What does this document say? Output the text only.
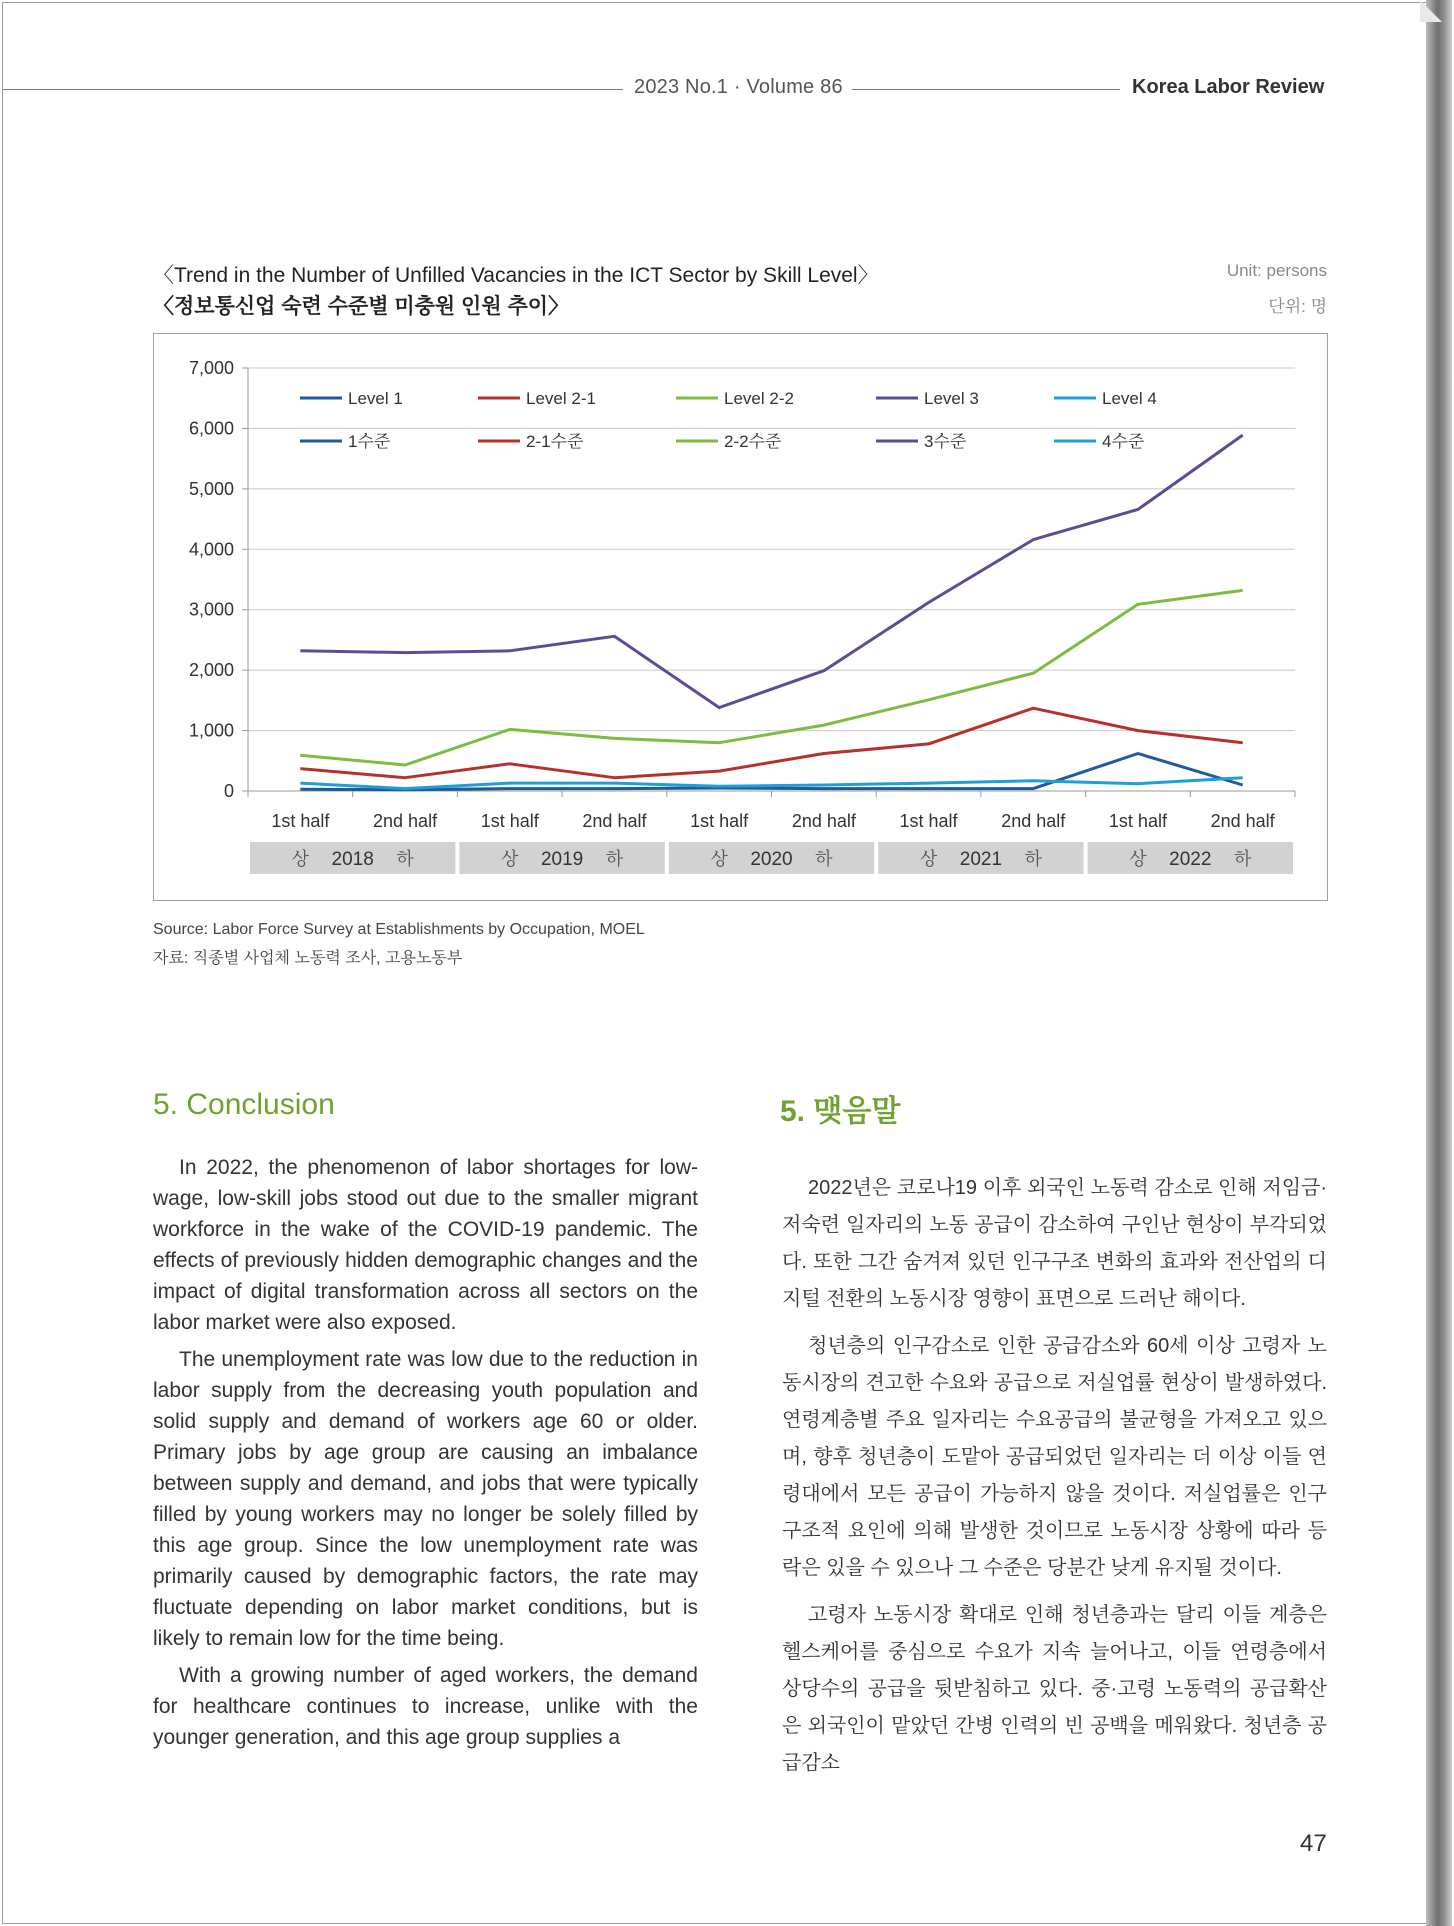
2023 No.1 · Volume 86	Korea Labor Review
〈Trend in the Number of Unfilled Vacancies in the ICT Sector by Skill Level〉
〈정보통신업 숙련 수준별 미충원 인원 추이〉
Unit: persons
단위: 명
0
1,000
2,000
3,000
4,000
5,000
6,000
7,000
1st half 2nd half 1st half 2nd half 1st half 2nd half 1st half 2nd half 1st half 2nd half
상 2018 하	상 2019 하	상 2020 하	상 2021 하	상 2022 하
Level 1
1수준
Level 2-1
2-1수준
Level 2-2
2-2수준
Level 3
3수준
Level 4
4수준
Source: Labor Force Survey at Establishments by Occupation, MOEL
자료: 직종별 사업체 노동력 조사, 고용노동부
5. Conclusion	5. 맺음말

In 2022, the phenomenon of labor shortages for low-wage, low-skill jobs stood out due to the smaller migrant workforce in the wake of the COVID-19 pandemic. The effects of previously hidden demographic changes and the impact of digital transformation across all sectors on the labor market were also exposed.

The unemployment rate was low due to the reduction in labor supply from the decreasing youth population and solid supply and demand of workers age 60 or older. Primary jobs by age group are causing an imbalance between supply and demand, and jobs that were typically filled by young workers may no longer be solely filled by this age group. Since the low unemployment rate was primarily caused by demographic factors, the rate may fluctuate depending on labor market conditions, but is likely to remain low for the time being.

With a growing number of aged workers, the demand for healthcare continues to increase, unlike with the younger generation, and this age group supplies a

2022년은 코로나19 이후 외국인 노동력 감소로 인해 저임금·저숙련 일자리의 노동 공급이 감소하여 구인난 현상이 부각되었다. 또한 그간 숨겨져 있던 인구구조 변화의 효과와 전산업의 디지털 전환의 노동시장 영향이 표면으로 드러난 해이다.

청년층의 인구감소로 인한 공급감소와 60세 이상 고령자 노동시장의 견고한 수요와 공급으로 저실업률 현상이 발생하였다. 연령계층별 주요 일자리는 수요공급의 불균형을 가져오고 있으며, 향후 청년층이 도맡아 공급되었던 일자리는 더 이상 이들 연령대에서 모든 공급이 가능하지 않을 것이다. 저실업률은 인구 구조적 요인에 의해 발생한 것이므로 노동시장 상황에 따라 등락은 있을 수 있으나 그 수준은 당분간 낮게 유지될 것이다.

고령자 노동시장 확대로 인해 청년층과는 달리 이들 계층은 헬스케어를 중심으로 수요가 지속 늘어나고, 이들 연령층에서 상당수의 공급을 뒷받침하고 있다. 중·고령 노동력의 공급확산은 외국인이 맡았던 간병 인력의 빈 공백을 메워왔다. 청년층 공급감소

47
